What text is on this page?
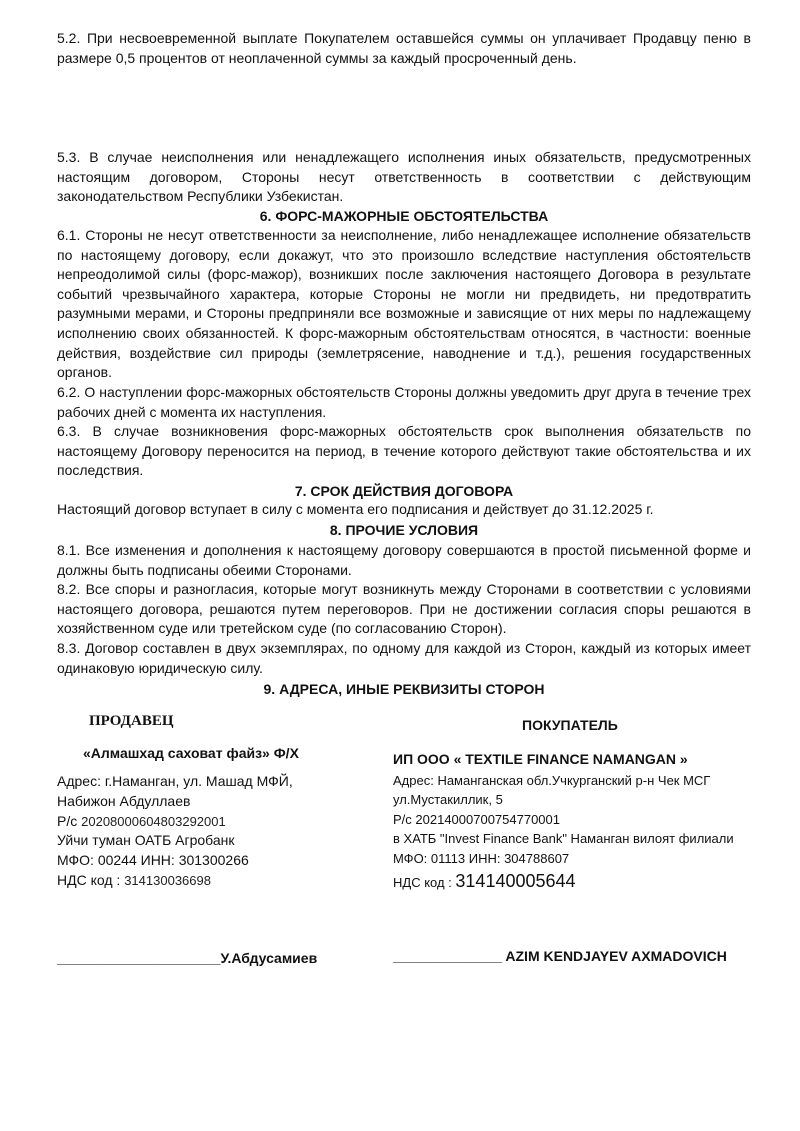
5.2. При несвоевременной выплате Покупателем оставшейся суммы он уплачивает Продавцу пеню в размере 0,5 процентов от неоплаченной суммы за каждый просроченный день.

5.3. В случае неисполнения или ненадлежащего исполнения иных обязательств, предусмотренных настоящим договором, Стороны несут ответственность в соответствии с действующим законодательством Республики Узбекистан.

6. ФОРС-МАЖОРНЫЕ ОБСТОЯТЕЛЬСТВА

6.1. Стороны не несут ответственности за неисполнение, либо ненадлежащее исполнение обязательств по настоящему договору, если докажут, что это произошло вследствие наступления обстоятельств непреодолимой силы (форс-мажор), возникших после заключения настоящего Договора в результате событий чрезвычайного характера, которые Стороны не могли ни предвидеть, ни предотвратить разумными мерами, и Стороны предприняли все возможные и зависящие от них меры по надлежащему исполнению своих обязанностей. К форс-мажорным обстоятельствам относятся, в частности: военные действия, воздействие сил природы (землетрясение, наводнение и т.д.), решения государственных органов.

6.2. О наступлении форс-мажорных обстоятельств Стороны должны уведомить друг друга в течение трех рабочих дней с момента их наступления.

6.3. В случае возникновения форс-мажорных обстоятельств срок выполнения обязательств по настоящему Договору переносится на период, в течение которого действуют такие обстоятельства и их последствия.

7. СРОК ДЕЙСТВИЯ ДОГОВОРА

Настоящий договор вступает в силу с момента его подписания и действует до 31.12.2025 г.

8. ПРОЧИЕ УСЛОВИЯ

8.1. Все изменения и дополнения к настоящему договору совершаются в простой письменной форме и должны быть подписаны обеими Сторонами.

8.2. Все споры и разногласия, которые могут возникнуть между Сторонами в соответствии с условиями настоящего договора, решаются путем переговоров. При не достижении согласия споры решаются в хозяйственном суде или третейском суде (по согласованию Сторон).

8.3. Договор составлен в двух экземплярах, по одному для каждой из Сторон, каждый из которых имеет одинаковую юридическую силу.

9. АДРЕСА, ИНЫЕ РЕКВИЗИТЫ СТОРОН

ПРОДАВЕЦ
«Алмашхад саховат файз» Ф/Х
Адрес: г.Наманган, ул. Машад МФЙ,
Набижон Абдуллаев
Р/с 20208000604803292001
Уйчи туман ОАТБ Агробанк
МФО: 00244 ИНН: 301300266
НДС код : 314130036698
ПОКУПАТЕЛЬ
ИП ООО « TEXTILE FINANCE NAMANGAN »
Адрес: Наманганская обл.Учкурганский р-н Чек МСГ
ул.Мустакиллик, 5
Р/с 20214000700754770001
в ХАТБ "Invest Finance Bank" Наманган вилоят филиали
МФО: 01113 ИНН: 304788607
НДС код : 314140005644
_____________________У.Абдусамиев	______________ AZIM KENDJAYEV AXMADOVICH
